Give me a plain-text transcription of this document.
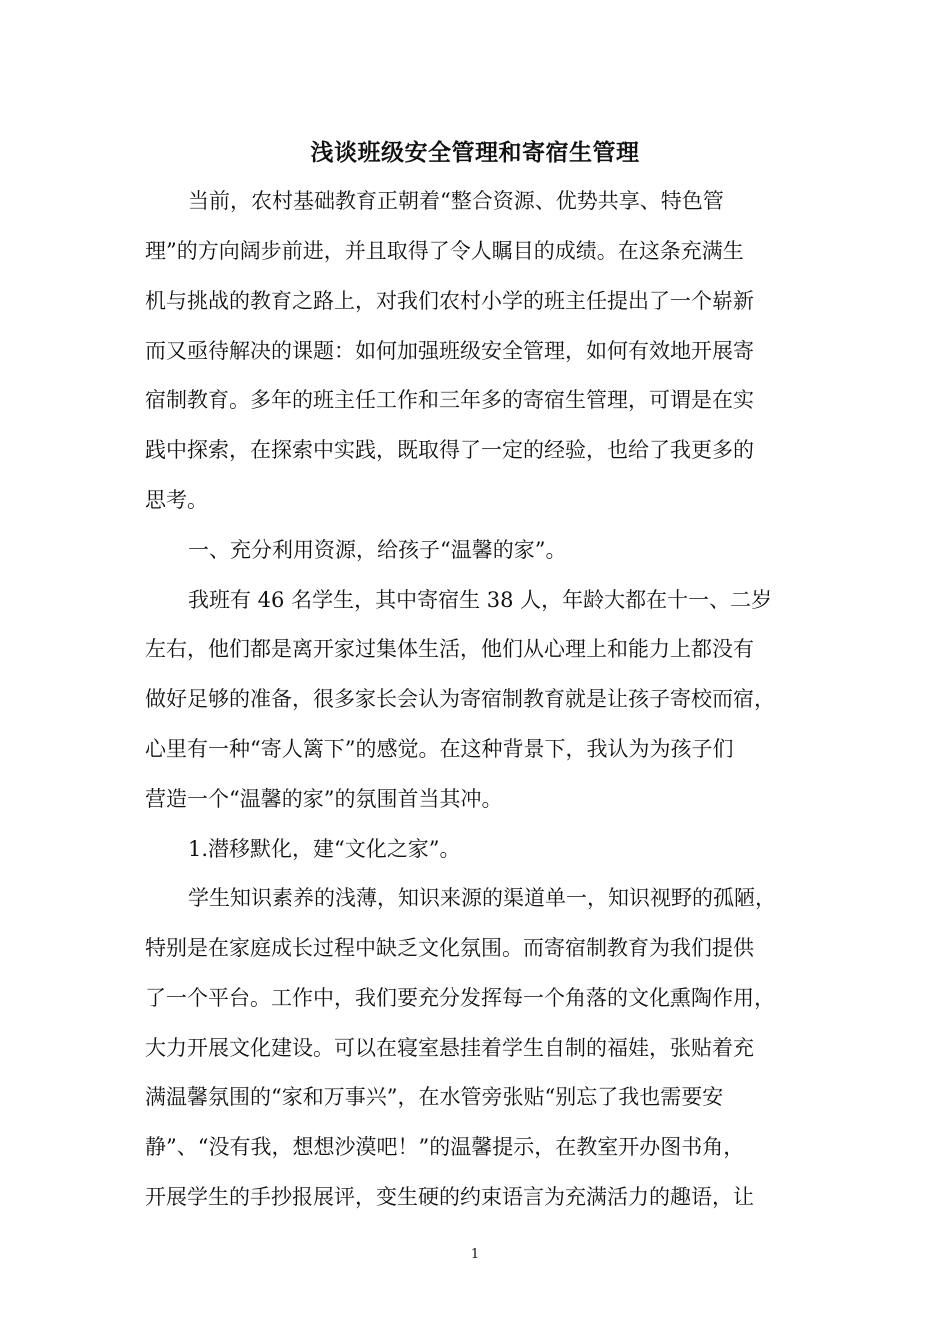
浅谈班级安全管理和寄宿生管理
当前，农村基础教育正朝着“整合资源、优势共享、特色管
理”的方向阔步前进，并且取得了令人瞩目的成绩。在这条充满生
机与挑战的教育之路上，对我们农村小学的班主任提出了一个崭新
而又亟待解决的课题：如何加强班级安全管理，如何有效地开展寄
宿制教育。多年的班主任工作和三年多的寄宿生管理，可谓是在实
践中探索，在探索中实践，既取得了一定的经验，也给了我更多的
思考。
一、充分利用资源，给孩子“温馨的家”。
我班有 46 名学生，其中寄宿生 38 人，年龄大都在十一、二岁
左右，他们都是离开家过集体生活，他们从心理上和能力上都没有
做好足够的准备，很多家长会认为寄宿制教育就是让孩子寄校而宿，
心里有一种“寄人篱下”的感觉。在这种背景下，我认为为孩子们
营造一个“温馨的家”的氛围首当其冲。
1.潜移默化，建“文化之家”。
学生知识素养的浅薄，知识来源的渠道单一，知识视野的孤陋，
特别是在家庭成长过程中缺乏文化氛围。而寄宿制教育为我们提供
了一个平台。工作中，我们要充分发挥每一个角落的文化熏陶作用，
大力开展文化建设。可以在寝室悬挂着学生自制的福娃，张贴着充
满温馨氛围的“家和万事兴”，在水管旁张贴“别忘了我也需要安
静”、“没有我，想想沙漠吧！”的温馨提示，在教室开办图书角，
开展学生的手抄报展评，变生硬的约束语言为充满活力的趣语，让
1
